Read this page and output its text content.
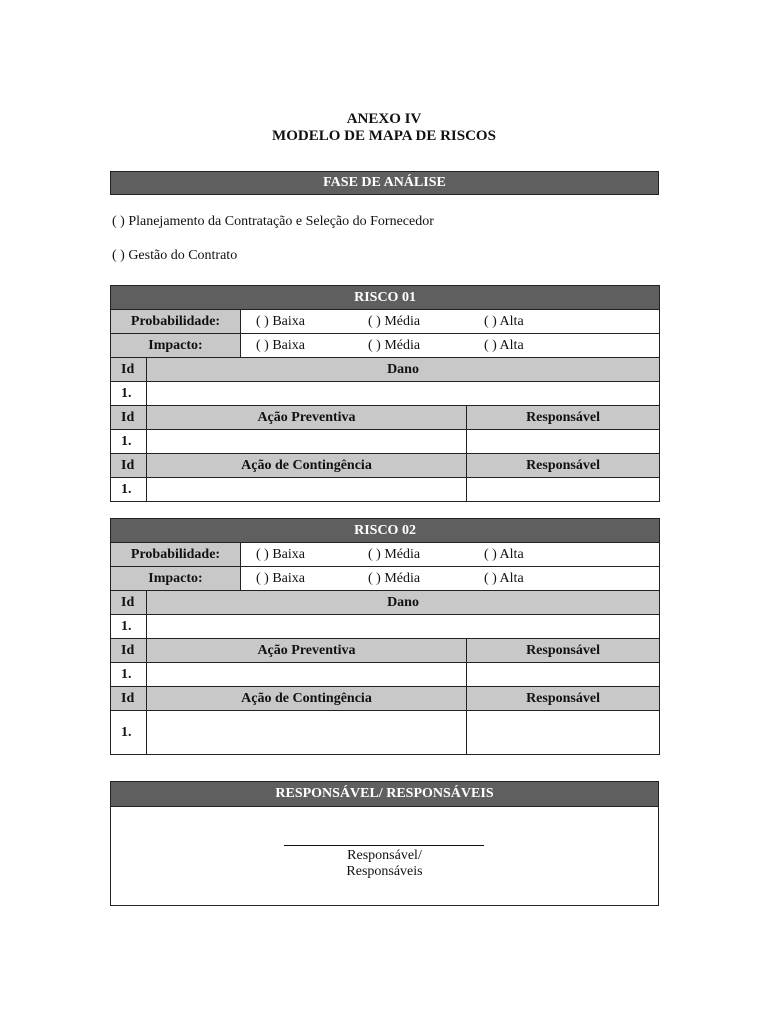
ANEXO IV
MODELO DE MAPA DE RISCOS
FASE DE ANÁLISE
( ) Planejamento da Contratação e Seleção do Fornecedor
( ) Gestão do Contrato
RISCO 01			
Probabilidade:		( ) Baixa ( ) Média ( ) Alta	

Impacto:		( ) Baixa ( ) Média ( ) Alta	

Id	Dano		
1.			
Id	Ação Preventiva		Responsável
1.			
Id	Ação de Contingência		Responsável
1.			
RISCO 02			
Probabilidade:		( ) Baixa ( ) Média ( ) Alta	

Impacto:		( ) Baixa ( ) Média ( ) Alta	

Id	Dano		
1.			
Id	Ação Preventiva		Responsável
1.			
Id	Ação de Contingência		Responsável
1.			
RESPONSÁVEL/ RESPONSÁVEIS
Responsável/
Responsáveis
